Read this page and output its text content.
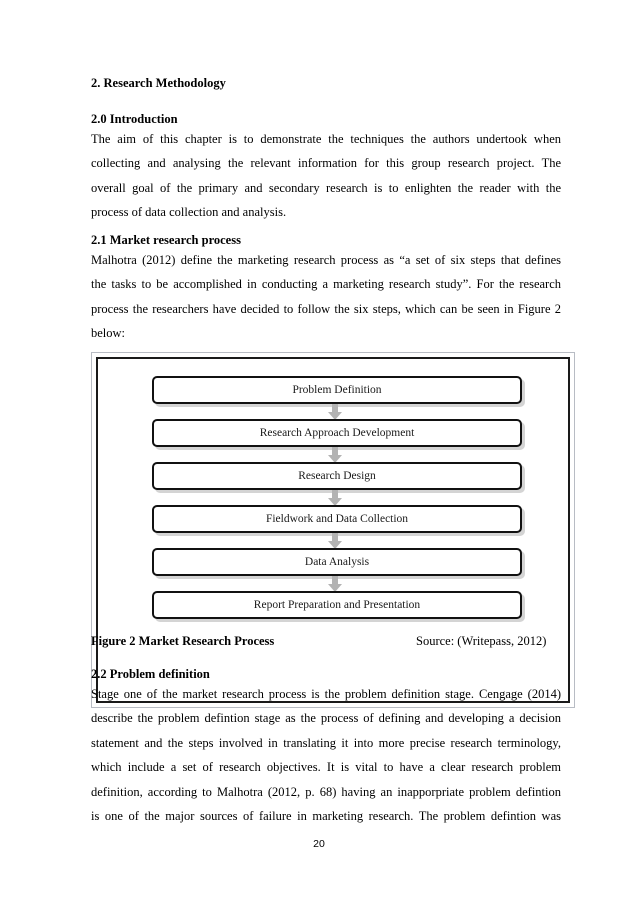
2. Research Methodology
2.0 Introduction
The aim of this chapter is to demonstrate the techniques the authors undertook when
collecting and analysing the relevant information for this group research project. The
overall goal of the primary and secondary research is to enlighten the reader with the
process of data collection and analysis.
2.1 Market research process
Malhotra (2012) define the marketing research process as “a set of six steps that defines
the tasks to be accomplished in conducting a marketing research study”. For the research
process the researchers have decided to follow the six steps, which can be seen in Figure 2
below:
Problem Definition
Research Approach Development
Research Design
Fieldwork and Data Collection
Data Analysis
Report Preparation and Presentation
Figure 2 Market Research Process	Source: (Writepass, 2012)
2.2 Problem definition
Stage one of the market research process is the problem definition stage. Cengage (2014)
describe the problem defintion stage as the process of defining and developing a decision
statement and the steps involved in translating it into more precise research terminology,
which include a set of research objectives. It is vital to have a clear research problem
definition, according to Malhotra (2012, p. 68) having an inapporpriate problem defintion
is one of the major sources of failure in marketing research. The problem defintion was
20
